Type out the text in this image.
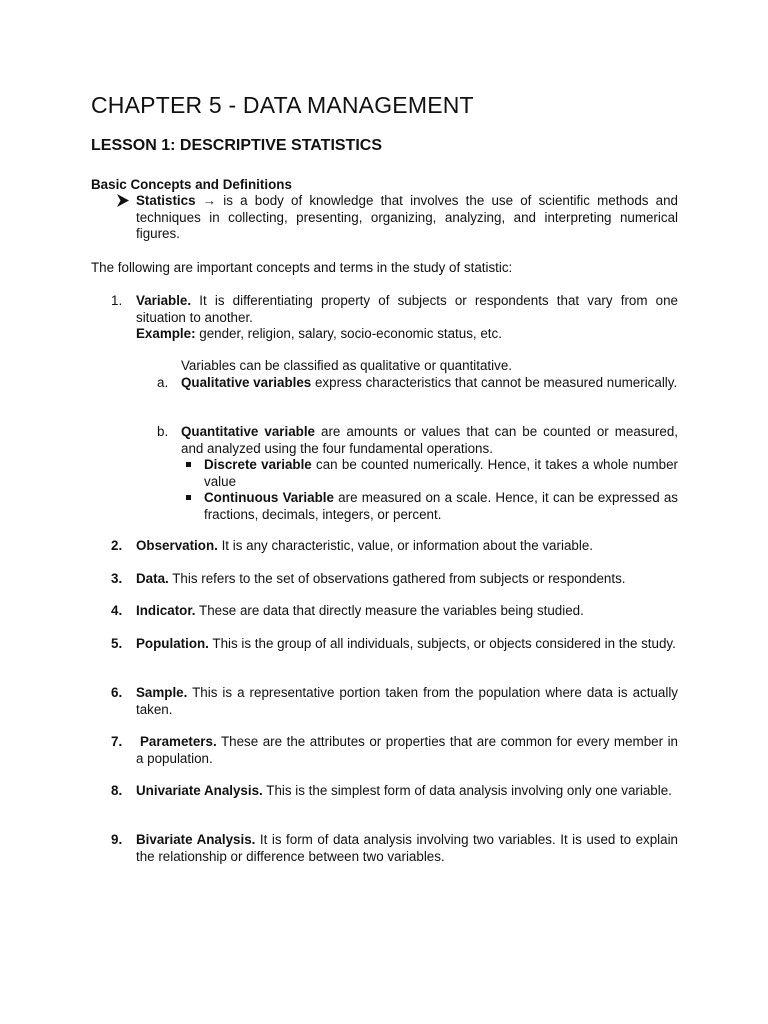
CHAPTER 5 - DATA MANAGEMENT
LESSON 1: DESCRIPTIVE STATISTICS
Basic Concepts and Definitions
Statistics → is a body of knowledge that involves the use of scientific methods and techniques in collecting, presenting, organizing, analyzing, and interpreting numerical figures.
The following are important concepts and terms in the study of statistic:
1.	Variable. It is differentiating property of subjects or respondents that vary from one situation to another.
Example: gender, religion, salary, socio-economic status, etc.
Variables can be classified as qualitative or quantitative.
a. Qualitative variables express characteristics that cannot be measured numerically.
b. Quantitative variable are amounts or values that can be counted or measured, and analyzed using the four fundamental operations.
Discrete variable can be counted numerically. Hence, it takes a whole number value
Continuous Variable are measured on a scale. Hence, it can be expressed as fractions, decimals, integers, or percent.
2.	Observation. It is any characteristic, value, or information about the variable.
3.	Data. This refers to the set of observations gathered from subjects or respondents.
4.	Indicator. These are data that directly measure the variables being studied.
5.	Population. This is the group of all individuals, subjects, or objects considered in the study.
6.	Sample. This is a representative portion taken from the population where data is actually taken.
7.	Parameters. These are the attributes or properties that are common for every member in a population.
8.	Univariate Analysis. This is the simplest form of data analysis involving only one variable.
9.	Bivariate Analysis. It is form of data analysis involving two variables. It is used to explain the relationship or difference between two variables.
